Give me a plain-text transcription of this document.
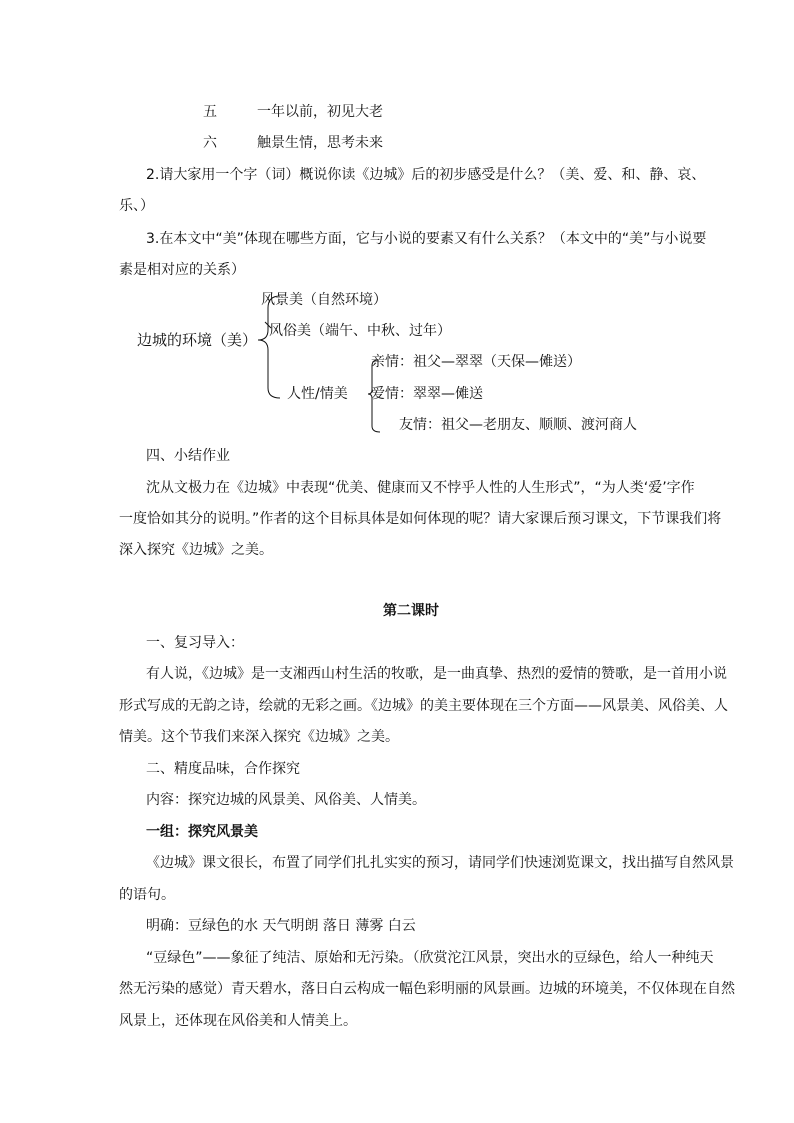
五	一年以前，初见大老
六	触景生情，思考未来
2.请大家用一个字（词）概说你读《边城》后的初步感受是什么？（美、爱、和、静、哀、
乐、）
3.在本文中“美”体现在哪些方面，它与小说的要素又有什么关系？（本文中的“美”与小说要
素是相对应的关系）
边城的环境（美）
风景美（自然环境）
风俗美（端午、中秋、过年）
人性/情美
亲情：祖父—翠翠（天保—傩送）
爱情：翠翠—傩送
友情：祖父—老朋友、顺顺、渡河商人
四、小结作业
沈从文极力在《边城》中表现“优美、健康而又不悖乎人性的人生形式”，“为人类‘爱’字作
一度恰如其分的说明。”作者的这个目标具体是如何体现的呢？请大家课后预习课文，下节课我们将
深入探究《边城》之美。
第二课时
一、复习导入：
有人说，《边城》是一支湘西山村生活的牧歌，是一曲真挚、热烈的爱情的赞歌，是一首用小说
形式写成的无韵之诗，绘就的无彩之画。《边城》的美主要体现在三个方面——风景美、风俗美、人
情美。这个节我们来深入探究《边城》之美。
二、精度品味，合作探究
内容：探究边城的风景美、风俗美、人情美。
一组：探究风景美
《边城》课文很长，布置了同学们扎扎实实的预习，请同学们快速浏览课文，找出描写自然风景
的语句。
明确：豆绿色的水 天气明朗 落日 薄雾 白云
“豆绿色”——象征了纯洁、原始和无污染。（欣赏沱江风景，突出水的豆绿色，给人一种纯天
然无污染的感觉）青天碧水，落日白云构成一幅色彩明丽的风景画。边城的环境美，不仅体现在自然
风景上，还体现在风俗美和人情美上。
